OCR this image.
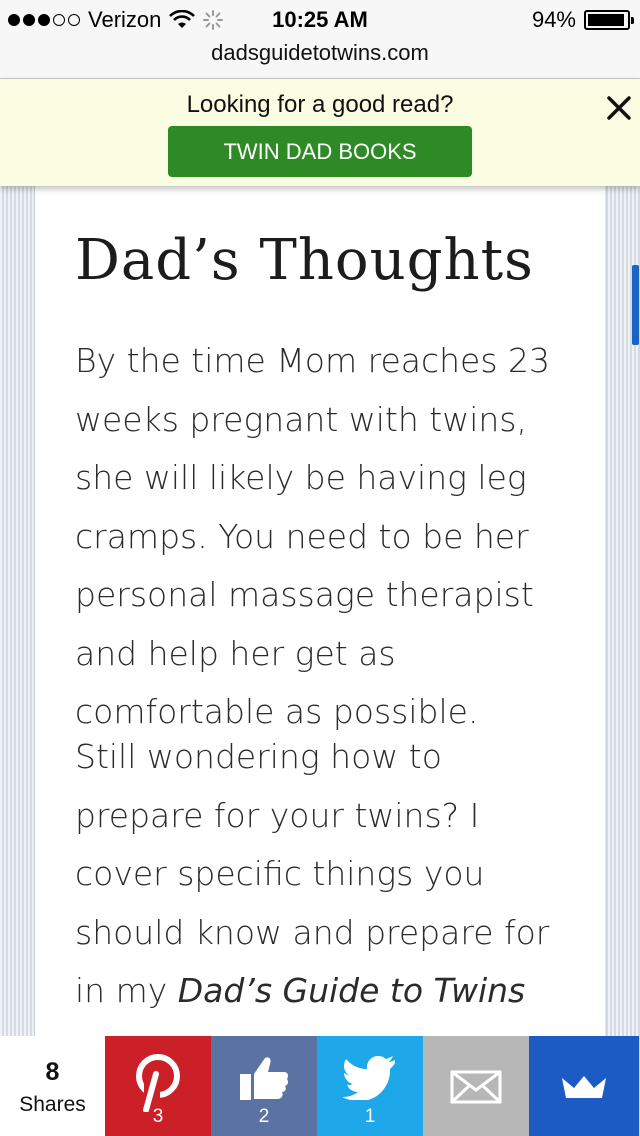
Verizon	10:25 AM	94%
dadsguidetotwins.com
Looking for a good read?
TWIN DAD BOOKS
Dad’s Thoughts
By the time Mom reaches 23 weeks pregnant with twins, she will likely be having leg cramps. You need to be her personal massage therapist and help her get as comfortable as possible.
Still wondering how to prepare for your twins? I cover specific things you should know and prepare for in my Dad’s Guide to Twins
8
Shares
3	2	1
